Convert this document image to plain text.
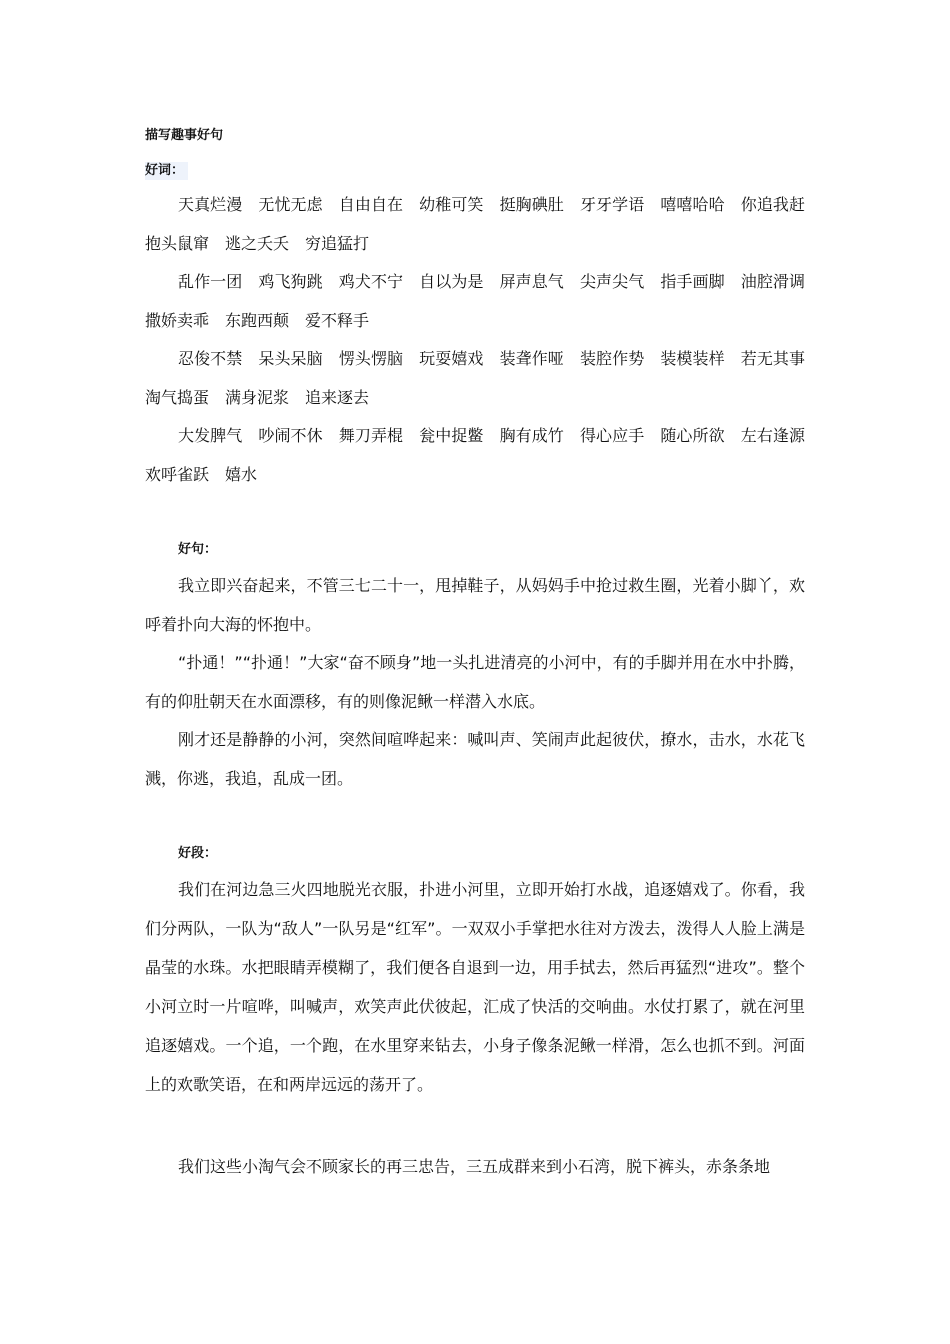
描写趣事好句
好词：

天真烂漫　无忧无虑　自由自在　幼稚可笑　挺胸碘肚　牙牙学语　嘻嘻哈哈　你追我赶　抱头鼠窜　逃之夭夭　穷追猛打

乱作一团　鸡飞狗跳　鸡犬不宁　自以为是　屏声息气　尖声尖气　指手画脚　油腔滑调　撒娇卖乖　东跑西颠　爱不释手

忍俊不禁　呆头呆脑　愣头愣脑　玩耍嬉戏　装聋作哑　装腔作势　装模装样　若无其事　淘气捣蛋　满身泥浆　追来逐去

大发脾气　吵闹不休　舞刀弄棍　瓮中捉鳖　胸有成竹　得心应手　随心所欲　左右逢源　欢呼雀跃　嬉水

好句：

我立即兴奋起来，不管三七二十一，甩掉鞋子，从妈妈手中抢过救生圈，光着小脚丫，欢呼着扑向大海的怀抱中。

“扑通！”“扑通！”大家“奋不顾身”地一头扎进清亮的小河中，有的手脚并用在水中扑腾，有的仰肚朝天在水面漂移，有的则像泥鳅一样潜入水底。

刚才还是静静的小河，突然间喧哗起来：喊叫声、笑闹声此起彼伏，撩水，击水，水花飞溅，你逃，我追，乱成一团。

好段：

我们在河边急三火四地脱光衣服，扑进小河里，立即开始打水战，追逐嬉戏了。你看，我们分两队，一队为“敌人”一队另是“红军”。一双双小手掌把水往对方泼去，泼得人人脸上满是晶莹的水珠。水把眼睛弄模糊了，我们便各自退到一边，用手拭去，然后再猛烈“进攻”。整个小河立时一片喧哗，叫喊声，欢笑声此伏彼起，汇成了快活的交响曲。水仗打累了，就在河里追逐嬉戏。一个追，一个跑，在水里穿来钻去，小身子像条泥鳅一样滑，怎么也抓不到。河面上的欢歌笑语，在和两岸远远的荡开了。

我们这些小淘气会不顾家长的再三忠告，三五成群来到小石湾，脱下裤头，赤条条地
